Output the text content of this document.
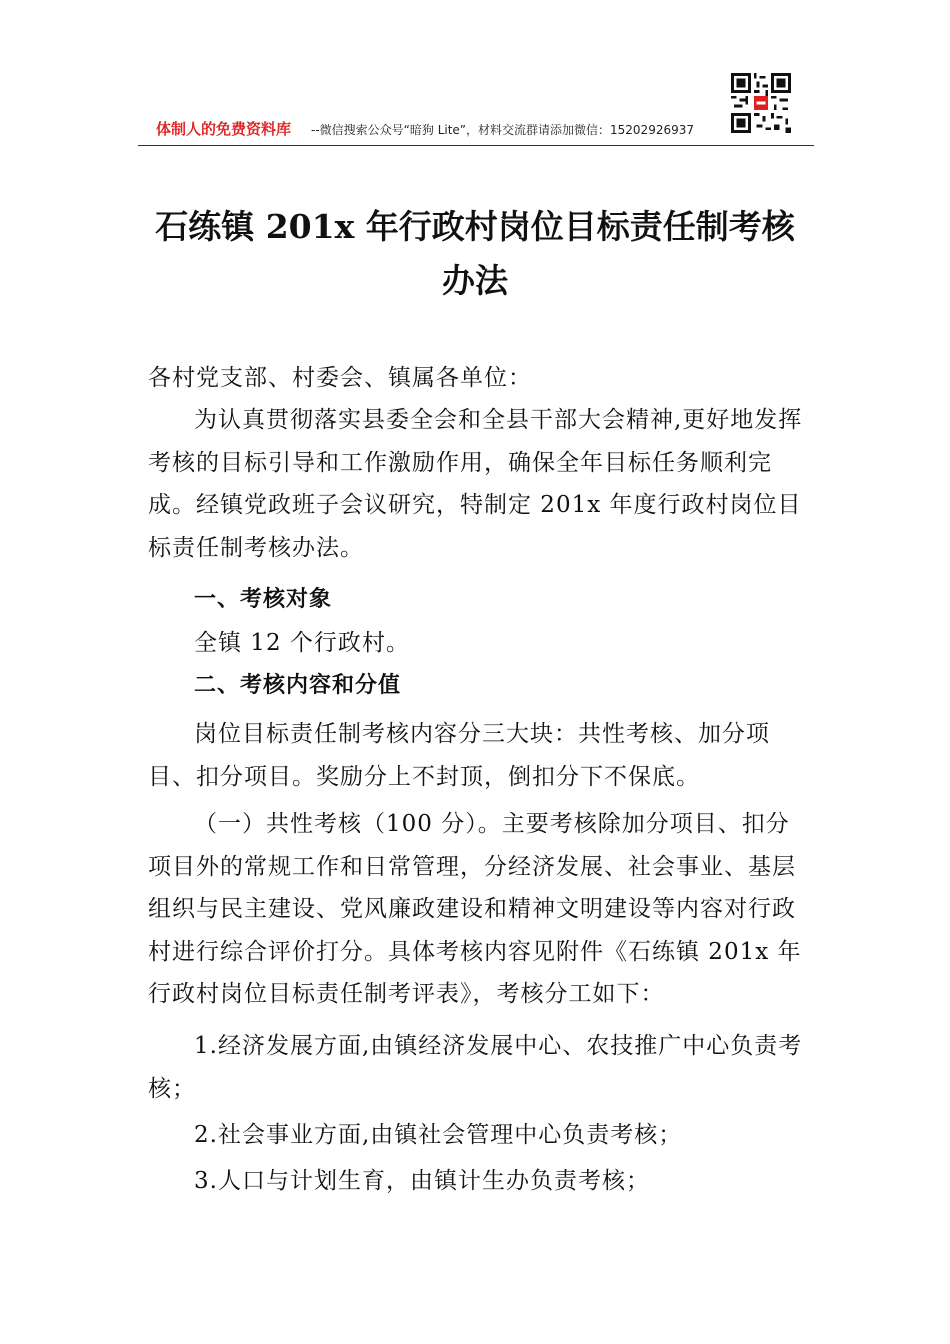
体制人的免费资料库 --微信搜索公众号“暗狗 Lite”，材料交流群请添加微信：15202926937
石练镇 201x 年行政村岗位目标责任制考核
办法

各村党支部、村委会、镇属各单位：

为认真贯彻落实县委全会和全县干部大会精神,更好地发挥考核的目标引导和工作激励作用，确保全年目标任务顺利完成。经镇党政班子会议研究，特制定 201x 年度行政村岗位目标责任制考核办法。

一、考核对象

全镇 12 个行政村。

二、考核内容和分值

岗位目标责任制考核内容分三大块：共性考核、加分项目、扣分项目。奖励分上不封顶，倒扣分下不保底。

（一）共性考核（100 分）。主要考核除加分项目、扣分项目外的常规工作和日常管理，分经济发展、社会事业、基层组织与民主建设、党风廉政建设和精神文明建设等内容对行政村进行综合评价打分。具体考核内容见附件《石练镇 201x 年行政村岗位目标责任制考评表》，考核分工如下：

1.经济发展方面,由镇经济发展中心、农技推广中心负责考核；

2.社会事业方面,由镇社会管理中心负责考核；

3.人口与计划生育，由镇计生办负责考核；
